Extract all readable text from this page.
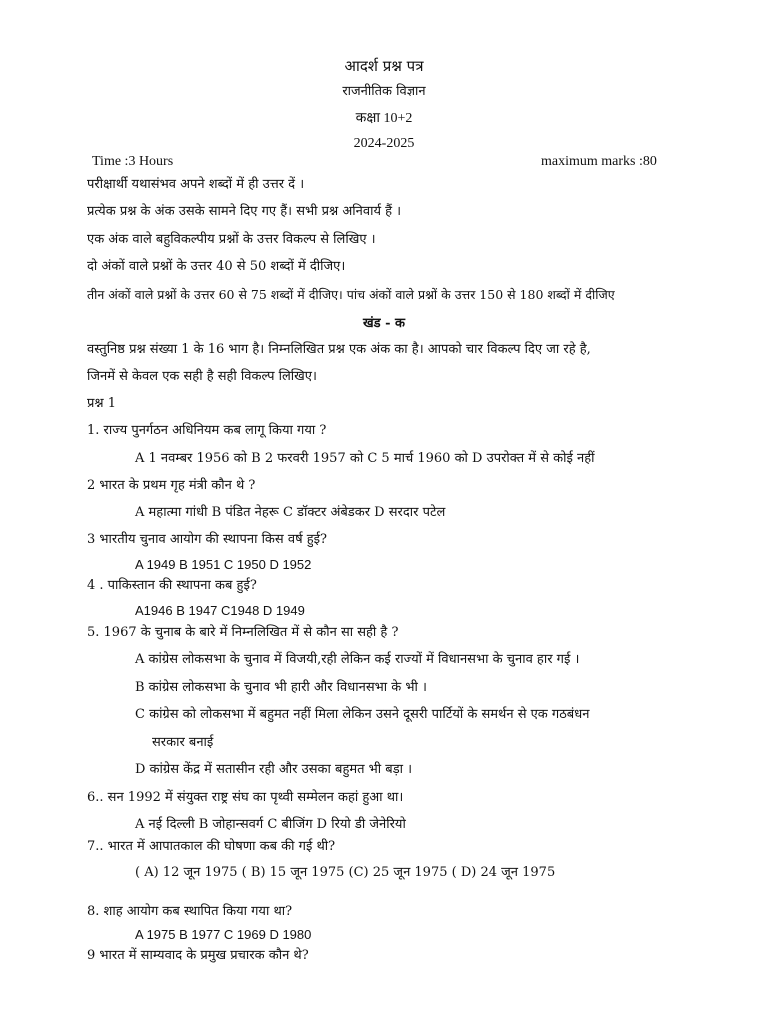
आदर्श प्रश्न पत्र
राजनीतिक विज्ञान
कक्षा 10+2
2024-2025
Time :3 Hours	maximum marks :80
परीक्षार्थी यथासंभव अपने शब्दों में ही उत्तर दें ।
प्रत्येक प्रश्न के अंक उसके सामने दिए गए हैं। सभी प्रश्न अनिवार्य हैं ।
एक अंक वाले बहुविकल्पीय प्रश्नों के उत्तर विकल्प से लिखिए ।
दो अंकों वाले प्रश्नों के उत्तर 40 से 50 शब्दों में दीजिए।
तीन अंकों वाले प्रश्नों के उत्तर 60 से 75 शब्दों में दीजिए। पांच अंकों वाले प्रश्नों के उत्तर 150 से 180 शब्दों में दीजिए
खंड - क
वस्तुनिष्ठ प्रश्न संख्या 1 के 16 भाग है। निम्नलिखित प्रश्न एक अंक का है। आपको चार विकल्प दिए जा रहे है,
जिनमें से केवल एक सही है सही विकल्प लिखिए।
प्रश्न 1
1. राज्य पुनर्गठन अधिनियम कब लागू किया गया ?
A 1 नवम्बर 1956 को B 2 फरवरी 1957 को C 5 मार्च 1960 को D उपरोक्त में से कोई नहीं
2 भारत के प्रथम गृह मंत्री कौन थे ?
A महात्मा गांधी B पंडित नेहरू C डॉक्टर अंबेडकर D सरदार पटेल
3 भारतीय चुनाव आयोग की स्थापना किस वर्ष हुई?
A 1949 B 1951 C 1950 D 1952
4 . पाकिस्तान की स्थापना कब हुई?
A1946 B 1947 C1948 D 1949
5. 1967 के चुनाब के बारे में निम्नलिखित में से कौन सा सही है ?
A कांग्रेस लोकसभा के चुनाव में विजयी,रही लेकिन कई राज्यों में विधानसभा के चुनाव हार गई ।
B कांग्रेस लोकसभा के चुनाव भी हारी और विधानसभा के भी ।
C कांग्रेस को लोकसभा में बहुमत नहीं मिला लेकिन उसने दूसरी पार्टियों के समर्थन से एक गठबंधन
सरकार बनाई
D कांग्रेस केंद्र में सतासीन रही और उसका बहुमत भी बड़ा ।
6.. सन 1992 में संयुक्त राष्ट्र संघ का पृथ्वी सम्मेलन कहां हुआ था।
A नई दिल्ली B जोहान्सवर्ग C बीजिंग D रियो डी जेनेरियो
7.. भारत में आपातकाल की घोषणा कब की गई थी?
( A) 12 जून 1975 ( B) 15 जून 1975 (C) 25 जून 1975 ( D) 24 जून 1975
8. शाह आयोग कब स्थापित किया गया था?
A 1975 B 1977 C 1969 D 1980
9 भारत में साम्यवाद के प्रमुख प्रचारक कौन थे?
